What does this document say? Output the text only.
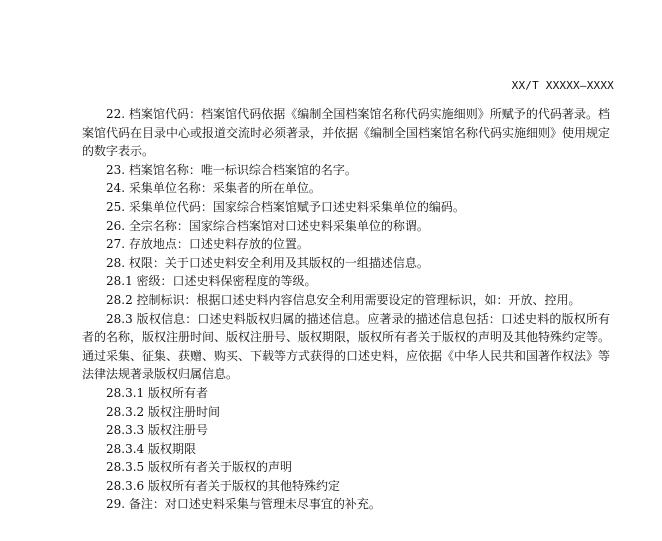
XX/T XXXXX—XXXX

22. 档案馆代码：档案馆代码依据《编制全国档案馆名称代码实施细则》所赋予的代码著录。档案馆代码在目录中心或报道交流时必须著录，并依据《编制全国档案馆名称代码实施细则》使用规定的数字表示。

23. 档案馆名称：唯一标识综合档案馆的名字。

24. 采集单位名称：采集者的所在单位。

25. 采集单位代码：国家综合档案馆赋予口述史料采集单位的编码。

26. 全宗名称：国家综合档案馆对口述史料采集单位的称谓。

27. 存放地点：口述史料存放的位置。

28. 权限：关于口述史料安全利用及其版权的一组描述信息。

28.1 密级：口述史料保密程度的等级。

28.2 控制标识：根据口述史料内容信息安全利用需要设定的管理标识，如：开放、控用。

28.3 版权信息：口述史料版权归属的描述信息。应著录的描述信息包括：口述史料的版权所有者的名称，版权注册时间、版权注册号、版权期限，版权所有者关于版权的声明及其他特殊约定等。通过采集、征集、获赠、购买、下载等方式获得的口述史料，应依据《中华人民共和国著作权法》等法律法规著录版权归属信息。

28.3.1 版权所有者

28.3.2 版权注册时间

28.3.3 版权注册号

28.3.4 版权期限

28.3.5 版权所有者关于版权的声明

28.3.6 版权所有者关于版权的其他特殊约定

29. 备注：对口述史料采集与管理未尽事宜的补充。
